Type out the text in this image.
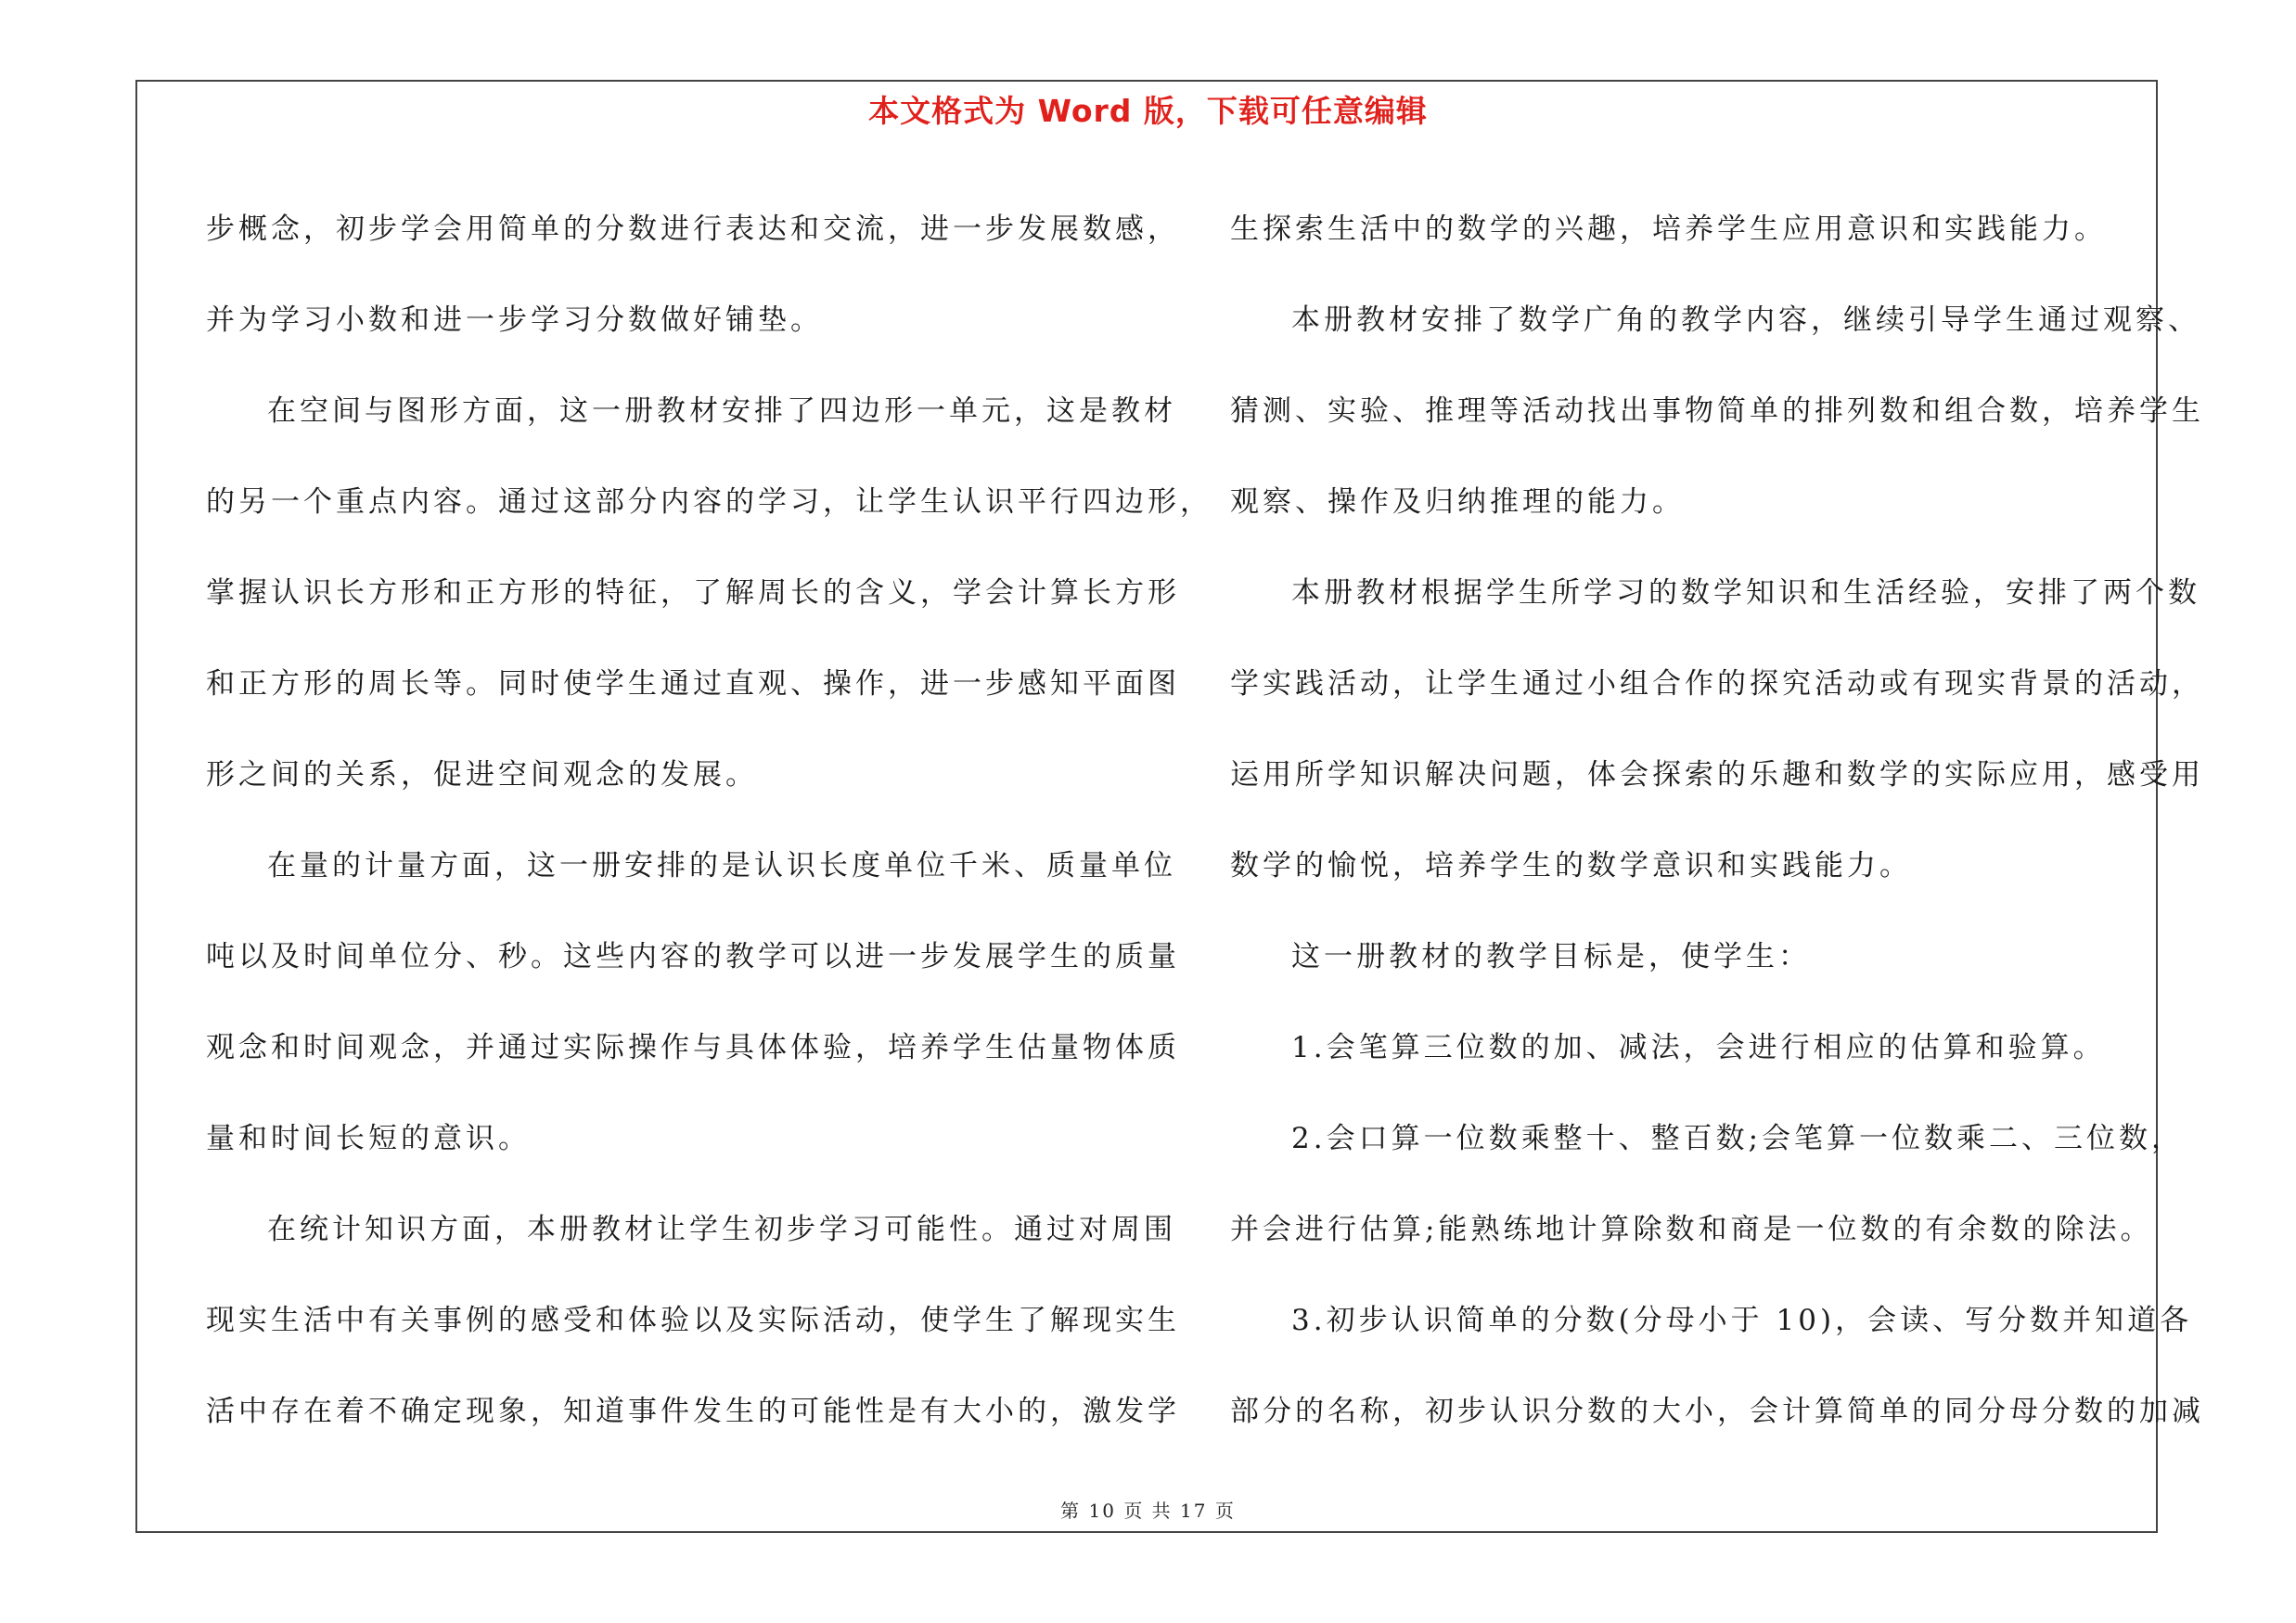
本文格式为 Word 版，下载可任意编辑
步概念，初步学会用简单的分数进行表达和交流，进一步发展数感，
并为学习小数和进一步学习分数做好铺垫。
在空间与图形方面，这一册教材安排了四边形一单元，这是教材
的另一个重点内容。通过这部分内容的学习，让学生认识平行四边形，
掌握认识长方形和正方形的特征，了解周长的含义，学会计算长方形
和正方形的周长等。同时使学生通过直观、操作，进一步感知平面图
形之间的关系，促进空间观念的发展。
在量的计量方面，这一册安排的是认识长度单位千米、质量单位
吨以及时间单位分、秒。这些内容的教学可以进一步发展学生的质量
观念和时间观念，并通过实际操作与具体体验，培养学生估量物体质
量和时间长短的意识。
在统计知识方面，本册教材让学生初步学习可能性。通过对周围
现实生活中有关事例的感受和体验以及实际活动，使学生了解现实生
活中存在着不确定现象，知道事件发生的可能性是有大小的，激发学
生探索生活中的数学的兴趣，培养学生应用意识和实践能力。
本册教材安排了数学广角的教学内容，继续引导学生通过观察、
猜测、实验、推理等活动找出事物简单的排列数和组合数，培养学生
观察、操作及归纳推理的能力。
本册教材根据学生所学习的数学知识和生活经验，安排了两个数
学实践活动，让学生通过小组合作的探究活动或有现实背景的活动，
运用所学知识解决问题，体会探索的乐趣和数学的实际应用，感受用
数学的愉悦，培养学生的数学意识和实践能力。
这一册教材的教学目标是，使学生：
1.会笔算三位数的加、减法，会进行相应的估算和验算。
2.会口算一位数乘整十、整百数;会笔算一位数乘二、三位数，
并会进行估算;能熟练地计算除数和商是一位数的有余数的除法。
3.初步认识简单的分数(分母小于 10)，会读、写分数并知道各
部分的名称，初步认识分数的大小，会计算简单的同分母分数的加减
第 10 页 共 17 页
